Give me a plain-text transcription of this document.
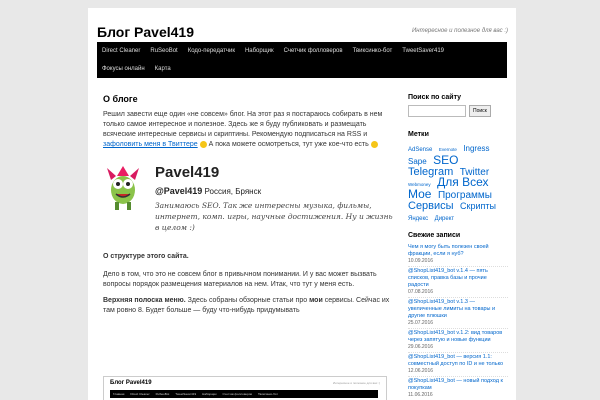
Блог Pavel419	Интересное и полезное для вас :)
Direct Cleaner	RuSeoBot	Кодо-передатчик	Наборщик	Счетчик фолловеров	Твиксинко-бот	TweetSaver419
Фокусы онлайн	Карта
О блоге

Решил завести еще один «не совсем» блог. На этот раз я постараюсь собирать в нем только самое интересное и полезное. Здесь же я буду публиковать и размещать всяческие интересные сервисы и скриптины. Рекомендую подписаться на RSS и зафоловить меня в Твиттере А пока можете осмотреться, тут уже кое-что есть

Pavel419
@Pavel419 Россия, Брянск
Занимаюсь SEO. Так же интересны музыка, фильмы, интернет, комп. игры, научные достижения. Ну и жизнь в целом :)

О структуре этого сайта.

Дело в том, что это не совсем блог в привычном понимании. И у вас может вызвать вопросы порядок размещения материалов на нем. Итак, что тут у меня есть.

Верхняя полоска меню. Здесь собраны обзорные статьи про мои сервисы. Сейчас их там ровно 8. Будет больше — буду что-нибудь придумывать

Блог Pavel419	Интересное и полезное для вас :)
Главная	Direct Cleaner	RuSeoBot	TweetSaver419	Наборщик	Счетчик фолловеров	Твиксинко-бот
Поиск по сайту
Поиск
Метки
AdSense Evernote Ingress Sape SEO Telegram Twitter Webmoney Для Всех Мое Программы Сервисы Скрипты Яндекс Директ
Свежие записи
Чем я могу быть полезен своей фракции, если я нуб?
10.09.2016
@ShopList419_bot v.1.4 — пять списков, правка базы и прочие радости
07.08.2016
@ShopList419_bot v.1.3 — увеличенные лимиты на товары и другие плюшки
25.07.2016
@ShopList419_bot v.1.2: вид товаров через запятую и новые функции
29.06.2016
@ShopList419_bot — версия 1.1: совместный доступ по ID и не только
12.06.2016
@ShopList419_bot — новый подход к покупкам
11.06.2016
